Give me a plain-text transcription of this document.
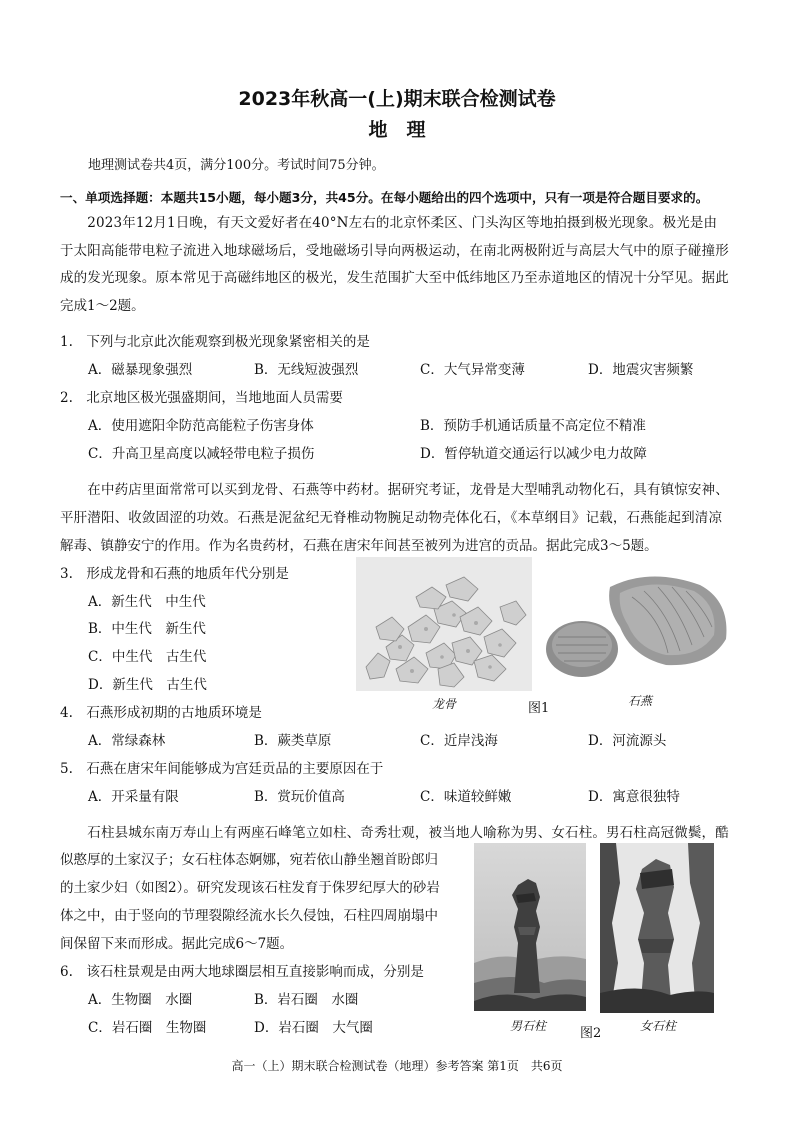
2023年秋高一(上)期末联合检测试卷
地　理
地理测试卷共4页，满分100分。考试时间75分钟。
一、单项选择题：本题共15小题，每小题3分，共45分。在每小题给出的四个选项中，只有一项是符合题目要求的。
　　2023年12月1日晚，有天文爱好者在40°N左右的北京怀柔区、门头沟区等地拍摄到极光现象。极光是由
于太阳高能带电粒子流进入地球磁场后，受地磁场引导向两极运动，在南北两极附近与高层大气中的原子碰撞形
成的发光现象。原本常见于高磁纬地区的极光，发生范围扩大至中低纬地区乃至赤道地区的情况十分罕见。据此
完成1～2题。
1.　下列与北京此次能观察到极光现象紧密相关的是
A．磁暴现象强烈	B．无线短波强烈	C．大气异常变薄	D．地震灾害频繁
2.　北京地区极光强盛期间，当地地面人员需要
A．使用遮阳伞防范高能粒子伤害身体	B．预防手机通话质量不高定位不精准
C．升高卫星高度以减轻带电粒子损伤	D．暂停轨道交通运行以减少电力故障
　　在中药店里面常常可以买到龙骨、石燕等中药材。据研究考证，龙骨是大型哺乳动物化石，具有镇惊安神、
平肝潜阳、收敛固涩的功效。石燕是泥盆纪无脊椎动物腕足动物壳体化石，《本草纲目》记载，石燕能起到清凉
解毒、镇静安宁的作用。作为名贵药材，石燕在唐宋年间甚至被列为进宫的贡品。据此完成3～5题。
3.　形成龙骨和石燕的地质年代分别是
A．新生代　中生代
B．中生代　新生代
C．中生代　古生代
D．新生代　古生代
龙骨	图1	石燕
4.　石燕形成初期的古地质环境是
A．常绿森林	B．蕨类草原	C．近岸浅海	D．河流源头
5.　石燕在唐宋年间能够成为宫廷贡品的主要原因在于
A．开采量有限	B．赏玩价值高	C．味道较鲜嫩	D．寓意很独特
　　石柱县城东南万寿山上有两座石峰笔立如柱、奇秀壮观，被当地人喻称为男、女石柱。男石柱高冠微鬓，酷
似憨厚的土家汉子；女石柱体态婀娜，宛若依山静坐翘首盼郎归
的土家少妇（如图2）。研究发现该石柱发育于侏罗纪厚大的砂岩
体之中，由于竖向的节理裂隙经流水长久侵蚀，石柱四周崩塌中
间保留下来而形成。据此完成6～7题。
6.　该石柱景观是由两大地球圈层相互直接影响而成，分别是
A．生物圈　水圈	B．岩石圈　水圈
C．岩石圈　生物圈	D．岩石圈　大气圈	男石柱	图2	女石柱
高一（上）期末联合检测试卷（地理）参考答案 第1页　共6页
